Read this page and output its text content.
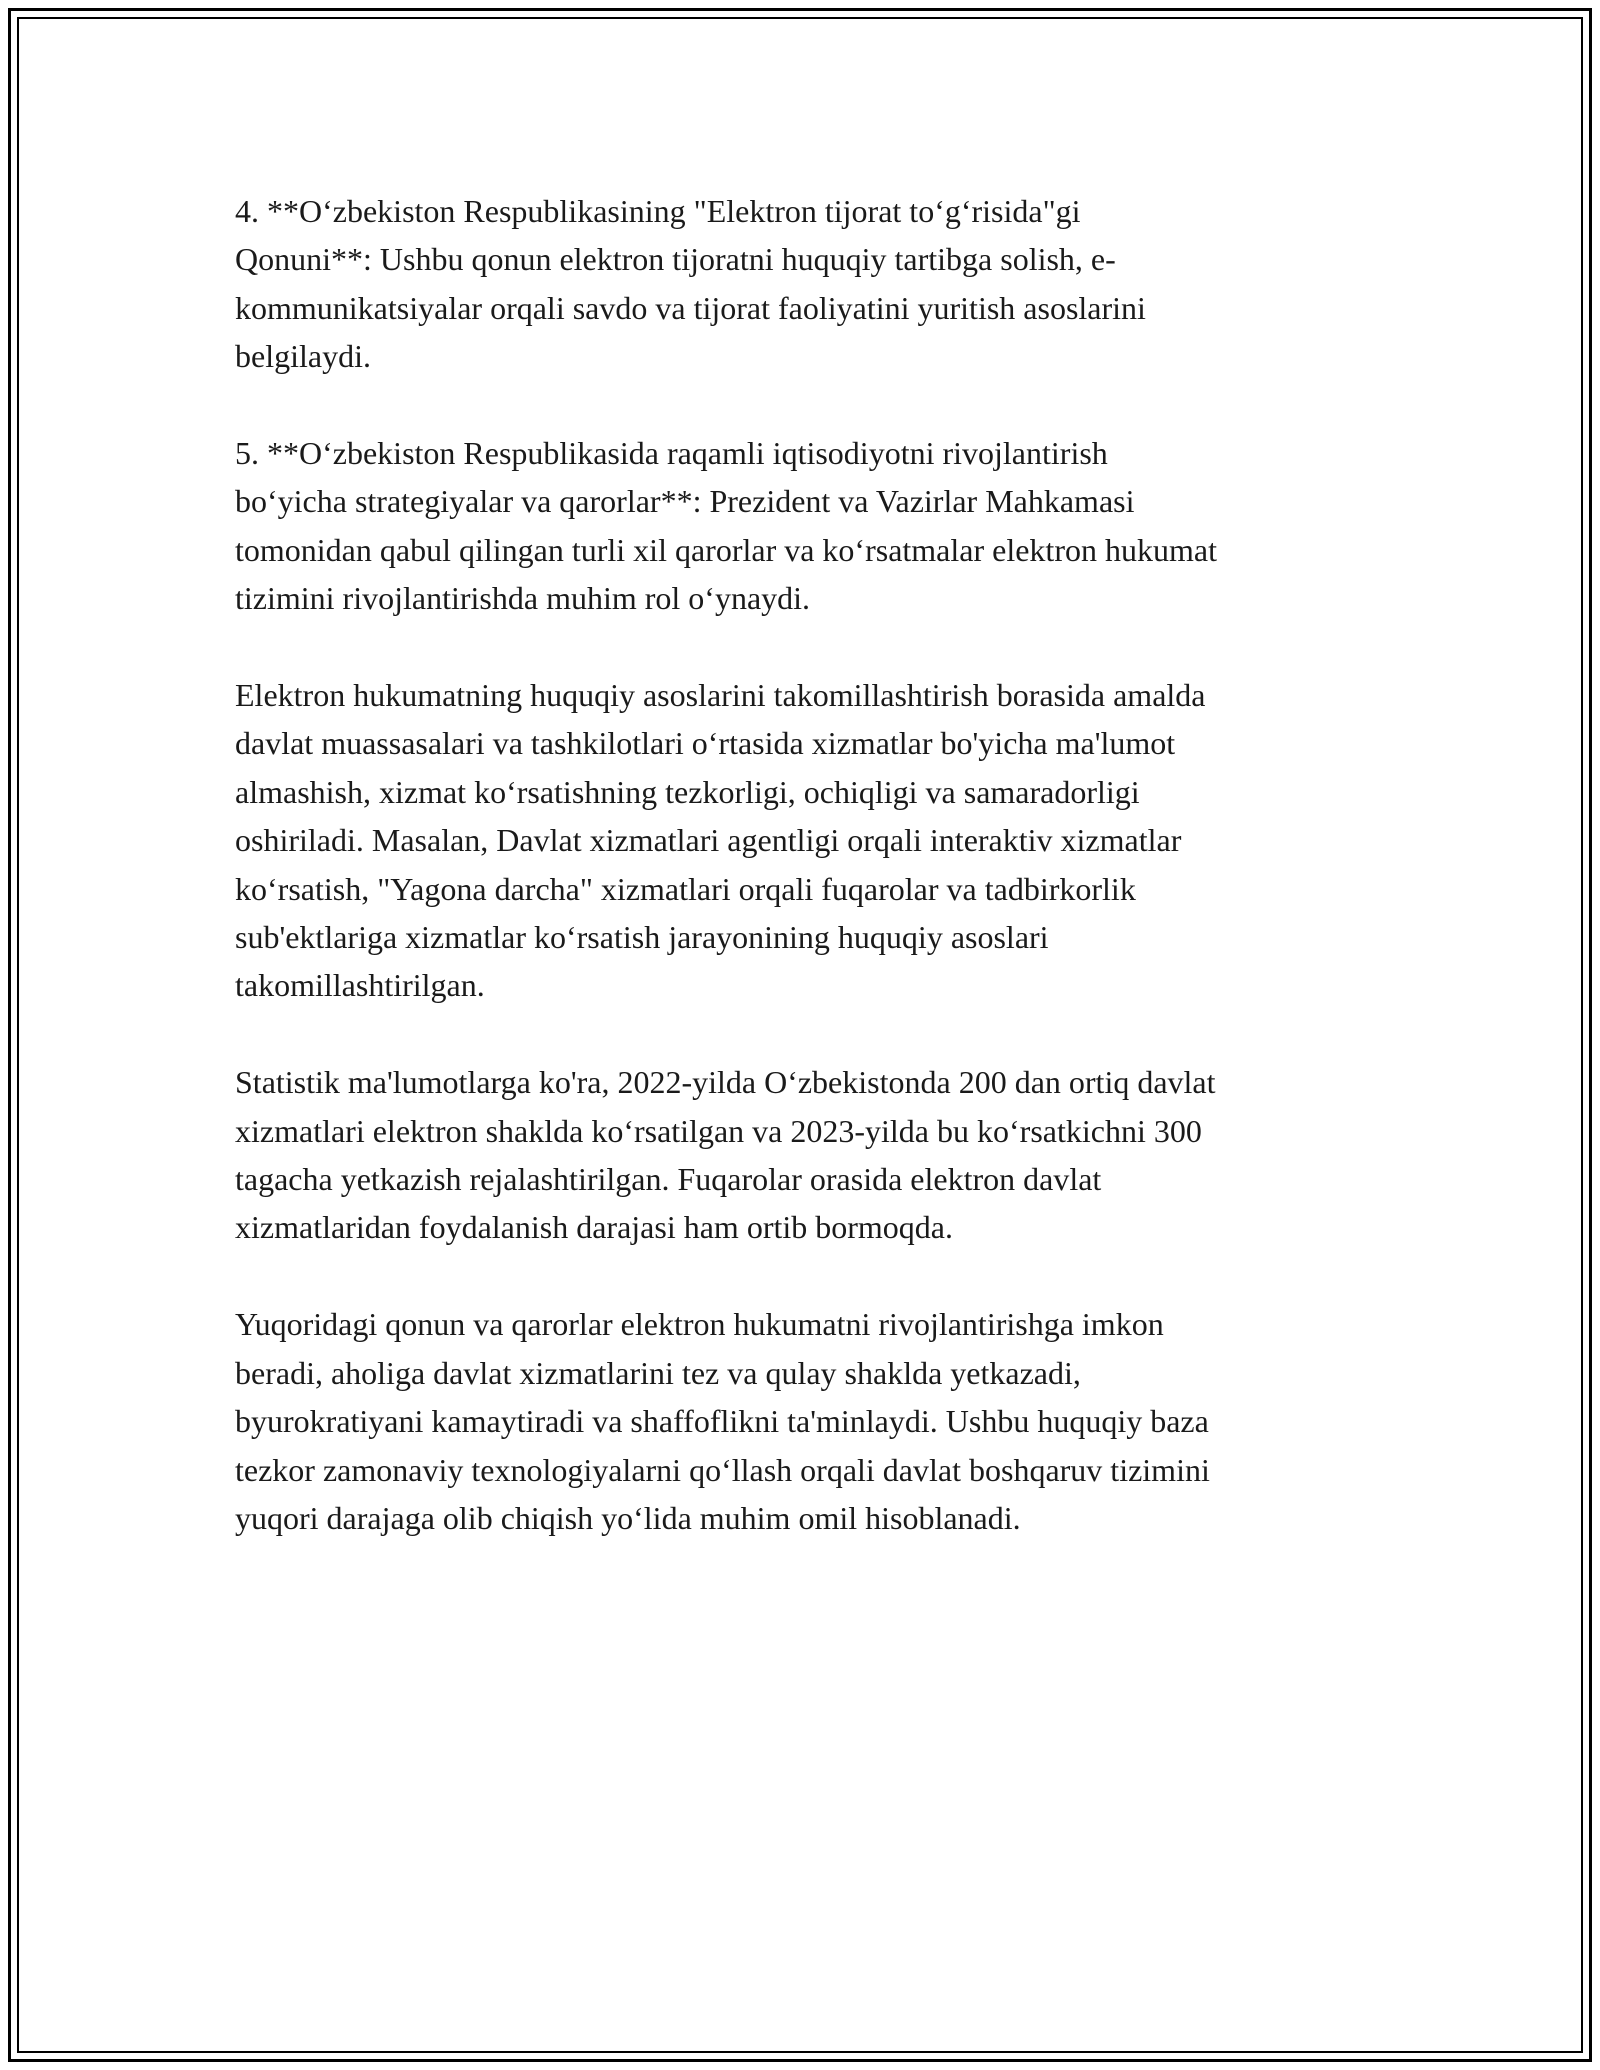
4. **O‘zbekiston Respublikasining "Elektron tijorat to‘g‘risida"gi
Qonuni**: Ushbu qonun elektron tijoratni huquqiy tartibga solish, e-
kommunikatsiyalar orqali savdo va tijorat faoliyatini yuritish asoslarini
belgilaydi.

5. **O‘zbekiston Respublikasida raqamli iqtisodiyotni rivojlantirish
bo‘yicha strategiyalar va qarorlar**: Prezident va Vazirlar Mahkamasi
tomonidan qabul qilingan turli xil qarorlar va ko‘rsatmalar elektron hukumat
tizimini rivojlantirishda muhim rol o‘ynaydi.

Elektron hukumatning huquqiy asoslarini takomillashtirish borasida amalda
davlat muassasalari va tashkilotlari o‘rtasida xizmatlar bo'yicha ma'lumot
almashish, xizmat ko‘rsatishning tezkorligi, ochiqligi va samaradorligi
oshiriladi. Masalan, Davlat xizmatlari agentligi orqali interaktiv xizmatlar
ko‘rsatish, "Yagona darcha" xizmatlari orqali fuqarolar va tadbirkorlik
sub'ektlariga xizmatlar ko‘rsatish jarayonining huquqiy asoslari
takomillashtirilgan.

Statistik ma'lumotlarga ko'ra, 2022-yilda O‘zbekistonda 200 dan ortiq davlat
xizmatlari elektron shaklda ko‘rsatilgan va 2023-yilda bu ko‘rsatkichni 300
tagacha yetkazish rejalashtirilgan. Fuqarolar orasida elektron davlat
xizmatlaridan foydalanish darajasi ham ortib bormoqda.

Yuqoridagi qonun va qarorlar elektron hukumatni rivojlantirishga imkon
beradi, aholiga davlat xizmatlarini tez va qulay shaklda yetkazadi,
byurokratiyani kamaytiradi va shaffoflikni ta'minlaydi. Ushbu huquqiy baza
tezkor zamonaviy texnologiyalarni qo‘llash orqali davlat boshqaruv tizimini
yuqori darajaga olib chiqish yo‘lida muhim omil hisoblanadi.
